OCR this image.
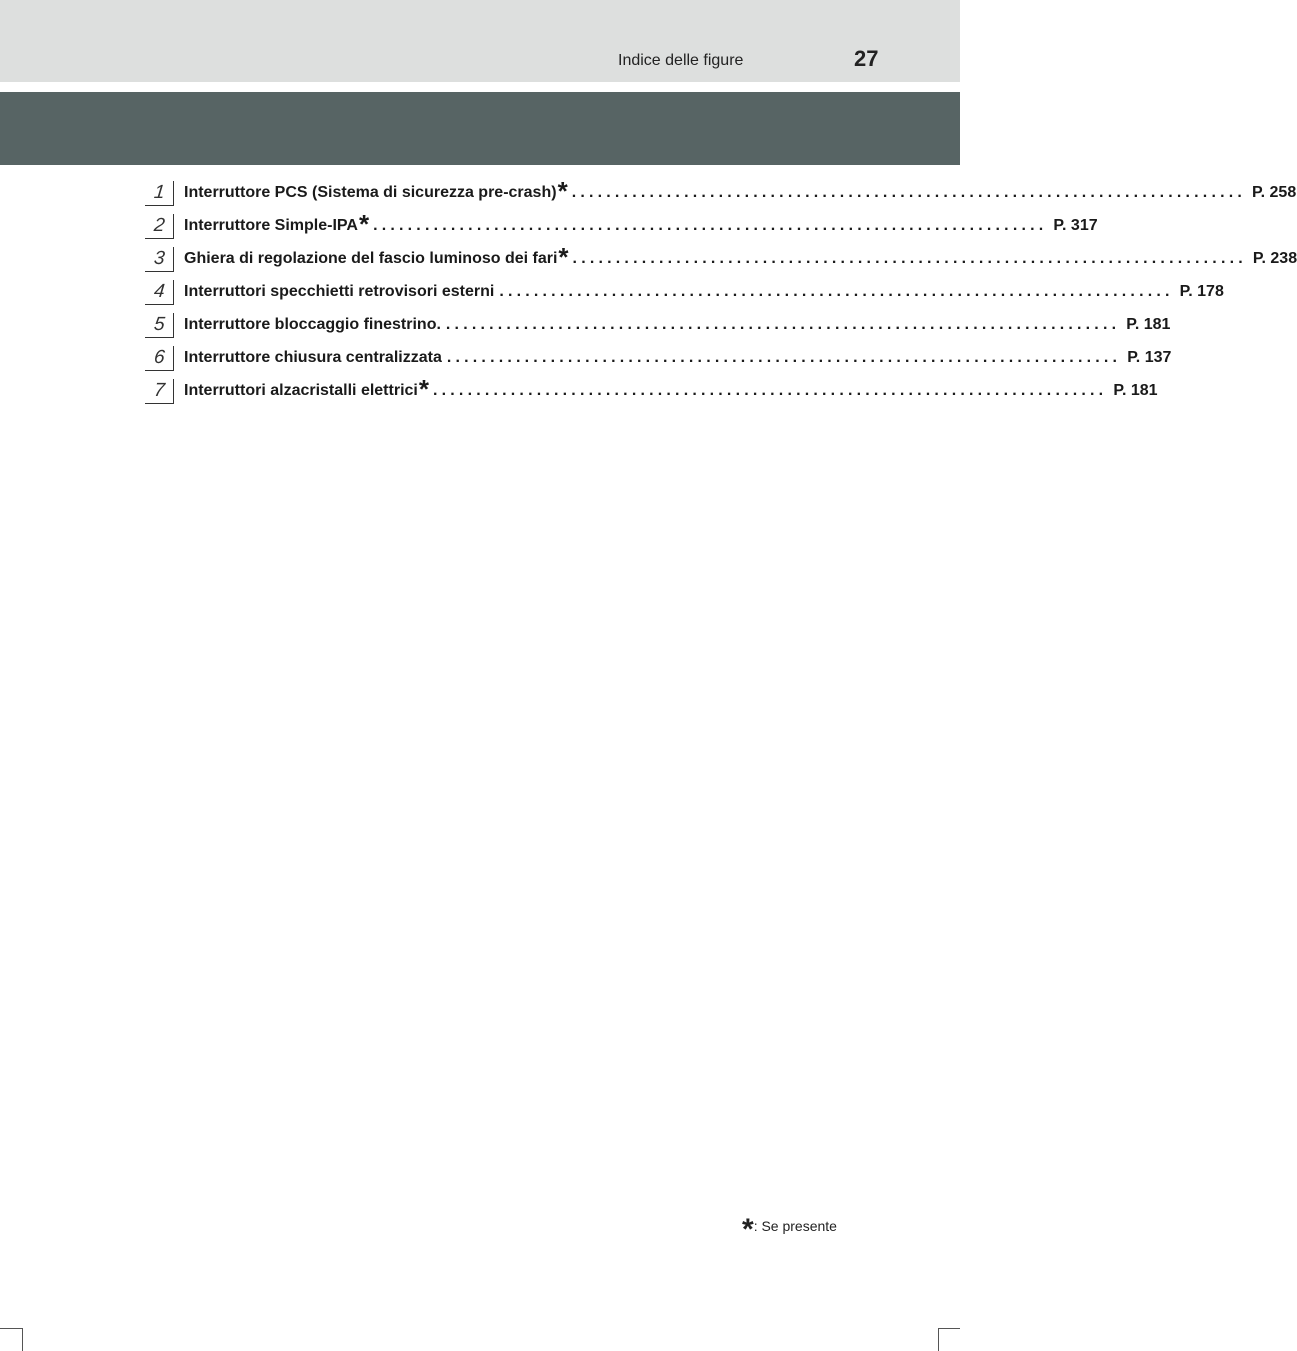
Indice delle figure	27
1 Interruttore PCS (Sistema di sicurezza pre-crash)* .............................................................................. P. 258
2 Interruttore Simple-IPA* .............................................................................. P. 317
3 Ghiera di regolazione del fascio luminoso dei fari* .............................................................................. P. 238
4 Interruttori specchietti retrovisori esterni .............................................................................. P. 178
5 Interruttore bloccaggio finestrino. .............................................................................. P. 181
6 Interruttore chiusura centralizzata .............................................................................. P. 137
7 Interruttori alzacristalli elettrici* .............................................................................. P. 181
*: Se presente
